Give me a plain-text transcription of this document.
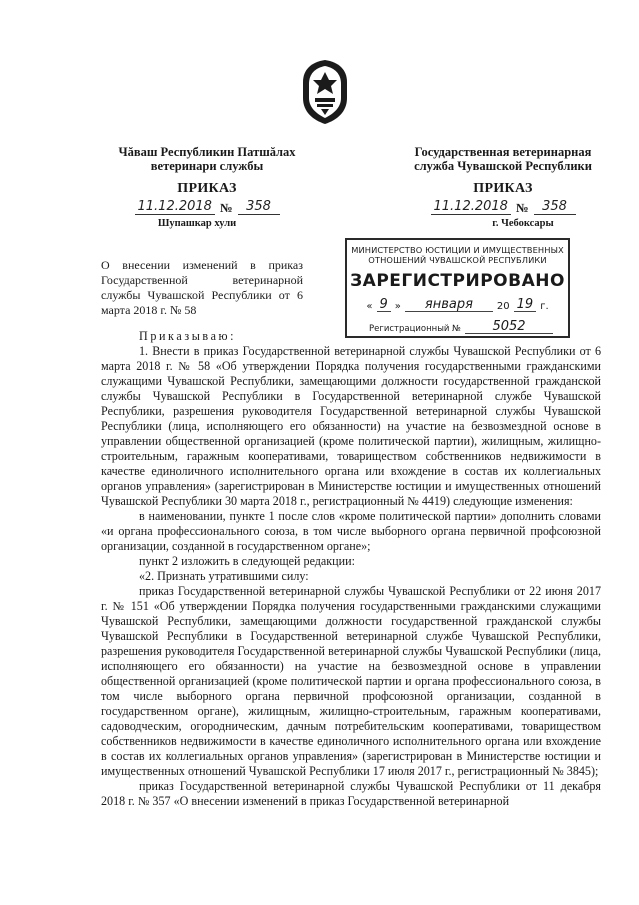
Чăваш Республикин Патшăлах
ветеринари службы
ПРИКАЗ
11.12.2018 №	358
Шупашкар хули
Государственная ветеринарная
служба Чувашской Республики
ПРИКАЗ
11.12.2018 №	358
г. Чебоксары
О внесении изменений в приказ Государственной ветеринарной службы Чувашской Республики от 6 марта 2018 г. № 58
МИНИСТЕРСТВО ЮСТИЦИИ И ИМУЩЕСТВЕННЫХ
ОТНОШЕНИЙ ЧУВАШСКОЙ РЕСПУБЛИКИ
ЗАРЕГИСТРИРОВАНО
« 9 »	января	20 19 г.
Регистрационный №	5052

Приказываю:

1. Внести в приказ Государственной ветеринарной службы Чувашской Республики от 6 марта 2018 г. № 58 «Об утверждении Порядка получения государственными гражданскими служащими Чувашской Республики, замещающими должности государственной гражданской службы Чувашской Республики в Государственной ветеринарной службе Чувашской Республики, разрешения руководителя Государственной ветеринарной службы Чувашской Республики (лица, исполняющего его обязанности) на участие на безвозмездной основе в управлении общественной организацией (кроме политической партии), жилищным, жилищно-строительным, гаражным кооперативами, товариществом собственников недвижимости в качестве единоличного исполнительного органа или вхождение в состав их коллегиальных органов управления» (зарегистрирован в Министерстве юстиции и имущественных отношений Чувашской Республики 30 марта 2018 г., регистрационный № 4419) следующие изменения:

в наименовании, пункте 1 после слов «кроме политической партии» дополнить словами «и органа профессионального союза, в том числе выборного органа первичной профсоюзной организации, созданной в государственном органе»;

пункт 2 изложить в следующей редакции:

«2. Признать утратившими силу:

приказ Государственной ветеринарной службы Чувашской Республики от 22 июня 2017 г. № 151 «Об утверждении Порядка получения государственными гражданскими служащими Чувашской Республики, замещающими должности государственной гражданской службы Чувашской Республики в Государственной ветеринарной службе Чувашской Республики, разрешения руководителя Государственной ветеринарной службы Чувашской Республики (лица, исполняющего его обязанности) на участие на безвозмездной основе в управлении общественной организацией (кроме политической партии и органа профессионального союза, в том числе выборного органа первичной профсоюзной организации, созданной в государственном органе), жилищным, жилищно-строительным, гаражным кооперативами, садоводческим, огородническим, дачным потребительским кооперативами, товариществом собственников недвижимости в качестве единоличного исполнительного органа или вхождение в состав их коллегиальных органов управления» (зарегистрирован в Министерстве юстиции и имущественных отношений Чувашской Республики 17 июля 2017 г., регистрационный № 3845);

приказ Государственной ветеринарной службы Чувашской Республики от 11 декабря 2018 г. № 357 «О внесении изменений в приказ Государственной ветеринарной
